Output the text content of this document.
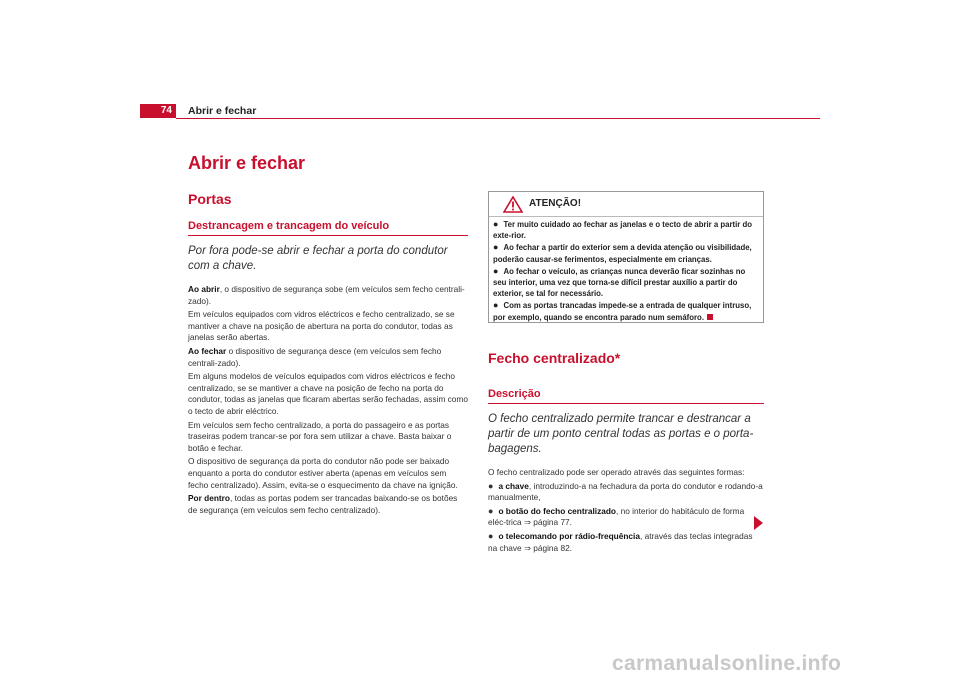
74	Abrir e fechar
Abrir e fechar
Portas
Destrancagem e trancagem do veículo

Por fora pode-se abrir e fechar a porta do condutor com a chave.

Ao abrir, o dispositivo de segurança sobe (em veículos sem fecho centrali-zado).

Em veículos equipados com vidros eléctricos e fecho centralizado, se se mantiver a chave na posição de abertura na porta do condutor, todas as janelas serão abertas.

Ao fechar o dispositivo de segurança desce (em veículos sem fecho centrali-zado).

Em alguns modelos de veículos equipados com vidros eléctricos e fecho centralizado, se se mantiver a chave na posição de fecho na porta do condutor, todas as janelas que ficaram abertas serão fechadas, assim como o tecto de abrir eléctrico.

Em veículos sem fecho centralizado, a porta do passageiro e as portas traseiras podem trancar-se por fora sem utilizar a chave. Basta baixar o botão e fechar.

O dispositivo de segurança da porta do condutor não pode ser baixado enquanto a porta do condutor estiver aberta (apenas em veículos sem fecho centralizado). Assim, evita-se o esquecimento da chave na ignição.

Por dentro, todas as portas podem ser trancadas baixando-se os botões de segurança (em veículos sem fecho centralizado).

ATENÇÃO!

● Ter muito cuidado ao fechar as janelas e o tecto de abrir a partir do exte-rior.

● Ao fechar a partir do exterior sem a devida atenção ou visibilidade, poderão causar-se ferimentos, especialmente em crianças.

● Ao fechar o veículo, as crianças nunca deverão ficar sozinhas no seu interior, uma vez que torna-se difícil prestar auxílio a partir do exterior, se tal for necessário.

● Com as portas trancadas impede-se a entrada de qualquer intruso, por exemplo, quando se encontra parado num semáforo.

Fecho centralizado*
Descrição

O fecho centralizado permite trancar e destrancar a partir de um ponto central todas as portas e o porta-bagagens.

O fecho centralizado pode ser operado através das seguintes formas:

● a chave, introduzindo-a na fechadura da porta do condutor e rodando-a manualmente,

● o botão do fecho centralizado, no interior do habitáculo de forma eléc-trica ⇒ página 77.

● o telecomando por rádio-frequência, através das teclas integradas na chave ⇒ página 82.

carmanualsonline.info
